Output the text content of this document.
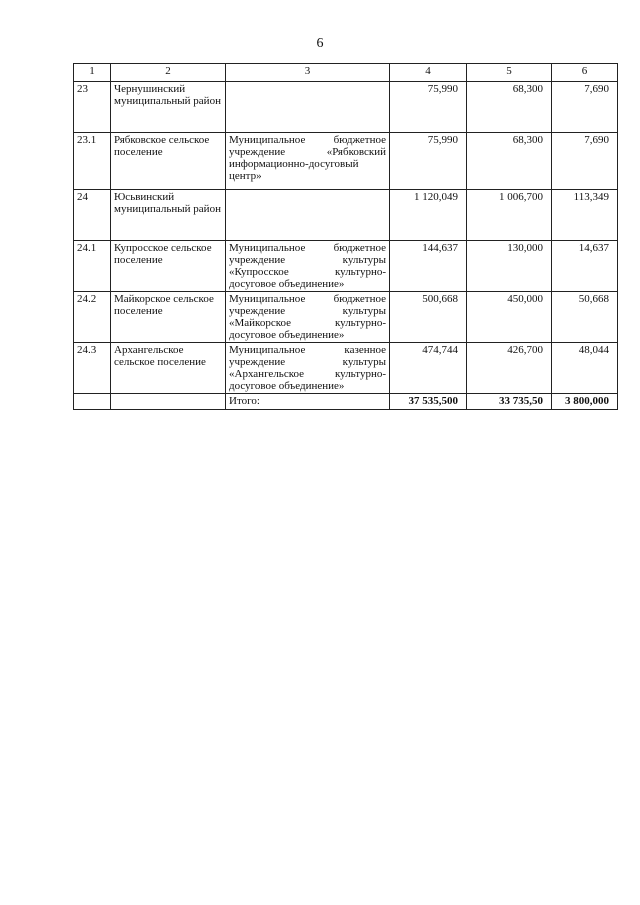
6
1	2	3	4	5	6
23	Чернушинский муниципальный район		75,990	68,300	7,690
23.1	Рябковское сельское поселение	Муниципальное бюджетное учреждение «Рябковский информационно-досуговый центр»	75,990	68,300	7,690
24	Юсьвинский муниципальный район		1 120,049	1 006,700	113,349
24.1	Купросское сельское поселение	Муниципальное бюджетное учреждение культуры «Купросское культурно-досуговое объединение»	144,637	130,000	14,637
24.2	Майкорское сельское поселение	Муниципальное бюджетное учреждение культуры «Майкорское культурно-досуговое объединение»	500,668	450,000	50,668
24.3	Архангельское сельское поселение	Муниципальное казенное учреждение культуры «Архангельское культурно-досуговое объединение»	474,744	426,700	48,044
		Итого:	37 535,500	33 735,50	3 800,000
